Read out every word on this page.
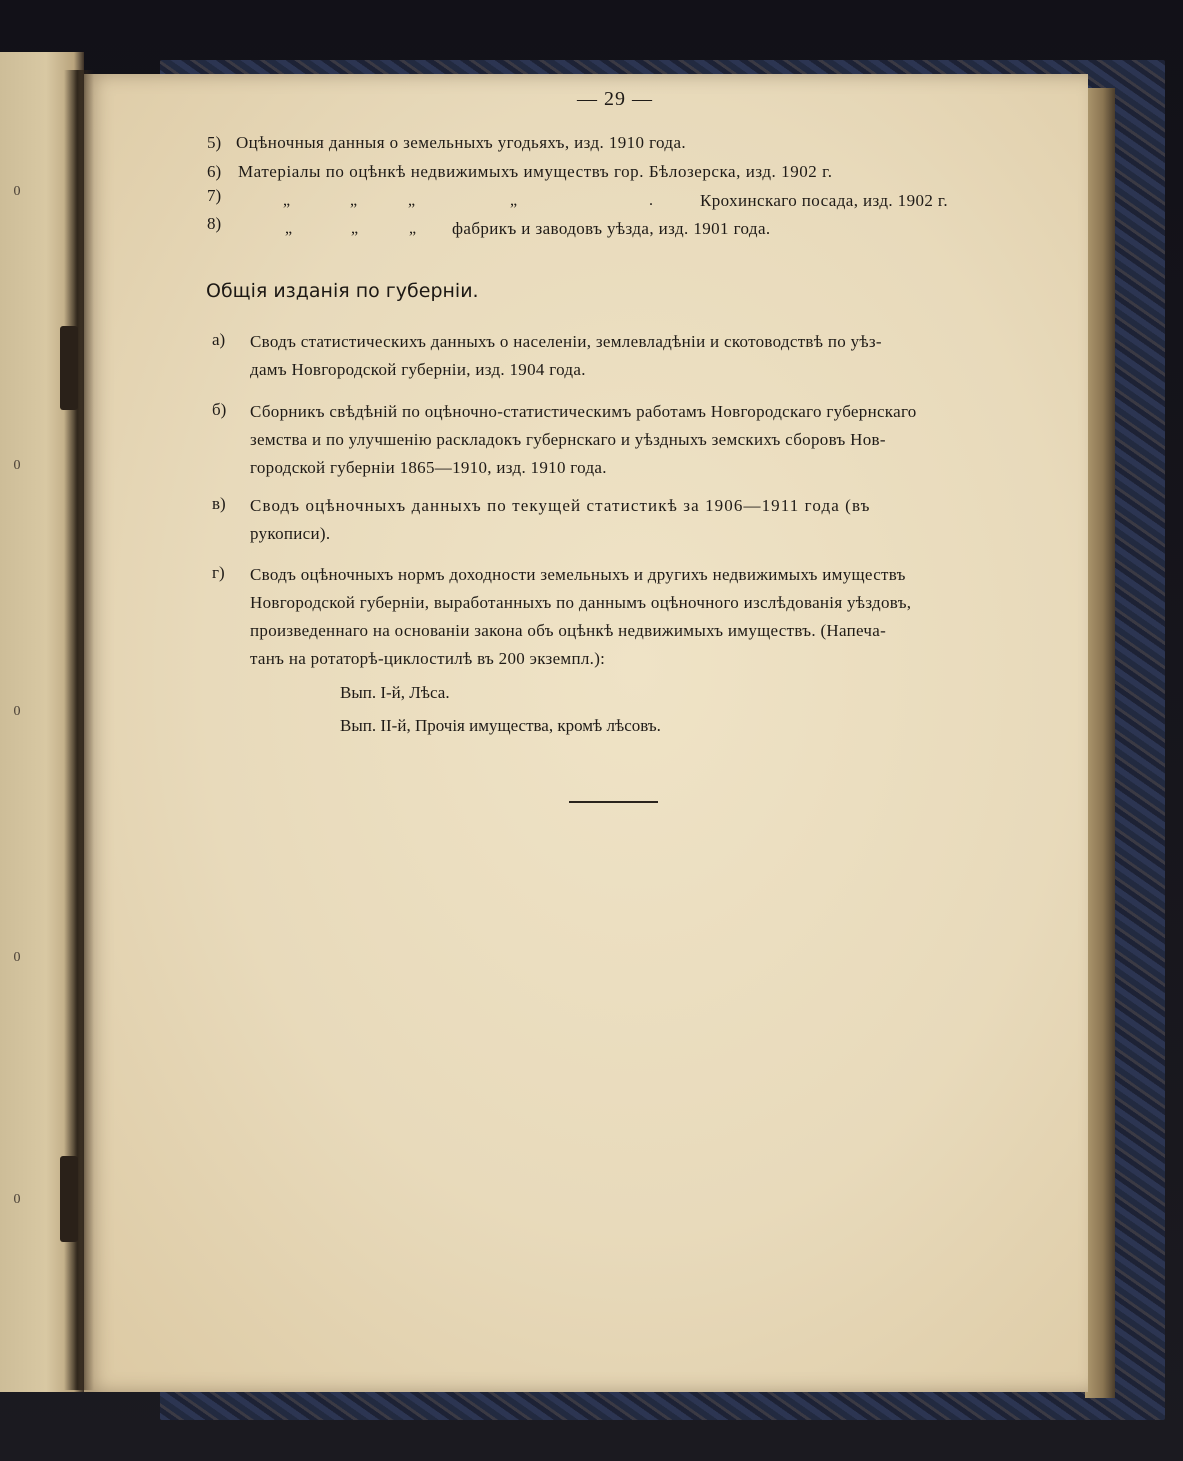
0
0
0
0
0
— 29 —
5) Оцѣночныя данныя о земельныхъ угодьяхъ, изд. 1910 года.
6) Матеріалы по оцѣнкѣ недвижимыхъ имуществъ гор. Бѣлозерска, изд. 1902 г.
7)	„	„	„	„	.	Крохинскаго посада, изд. 1902 г.
8)	„	„	„ фабрикъ и заводовъ уѣзда, изд. 1901 года.
Общія изданія по губерніи.
а) Сводъ статистическихъ данныхъ о населеніи, землевладѣніи и скотоводствѣ по уѣз-
дамъ Новгородской губерніи, изд. 1904 года.
б) Сборникъ свѣдѣній по оцѣночно-статистическимъ работамъ Новгородскаго губернскаго
земства и по улучшенію раскладокъ губернскаго и уѣздныхъ земскихъ сборовъ Нов-
городской губерніи 1865—1910, изд. 1910 года.
в) Сводъ оцѣночныхъ данныхъ по текущей статистикѣ за 1906—1911 года (въ
рукописи).
г) Сводъ оцѣночныхъ нормъ доходности земельныхъ и другихъ недвижимыхъ имуществъ
Новгородской губерніи, выработанныхъ по даннымъ оцѣночного изслѣдованія уѣздовъ,
произведеннаго на основаніи закона объ оцѣнкѣ недвижимыхъ имуществъ. (Напеча-
танъ на ротаторѣ-циклостилѣ въ 200 экземпл.):
Вып. I-й, Лѣса.
Вып. II-й, Прочія имущества, кромѣ лѣсовъ.
